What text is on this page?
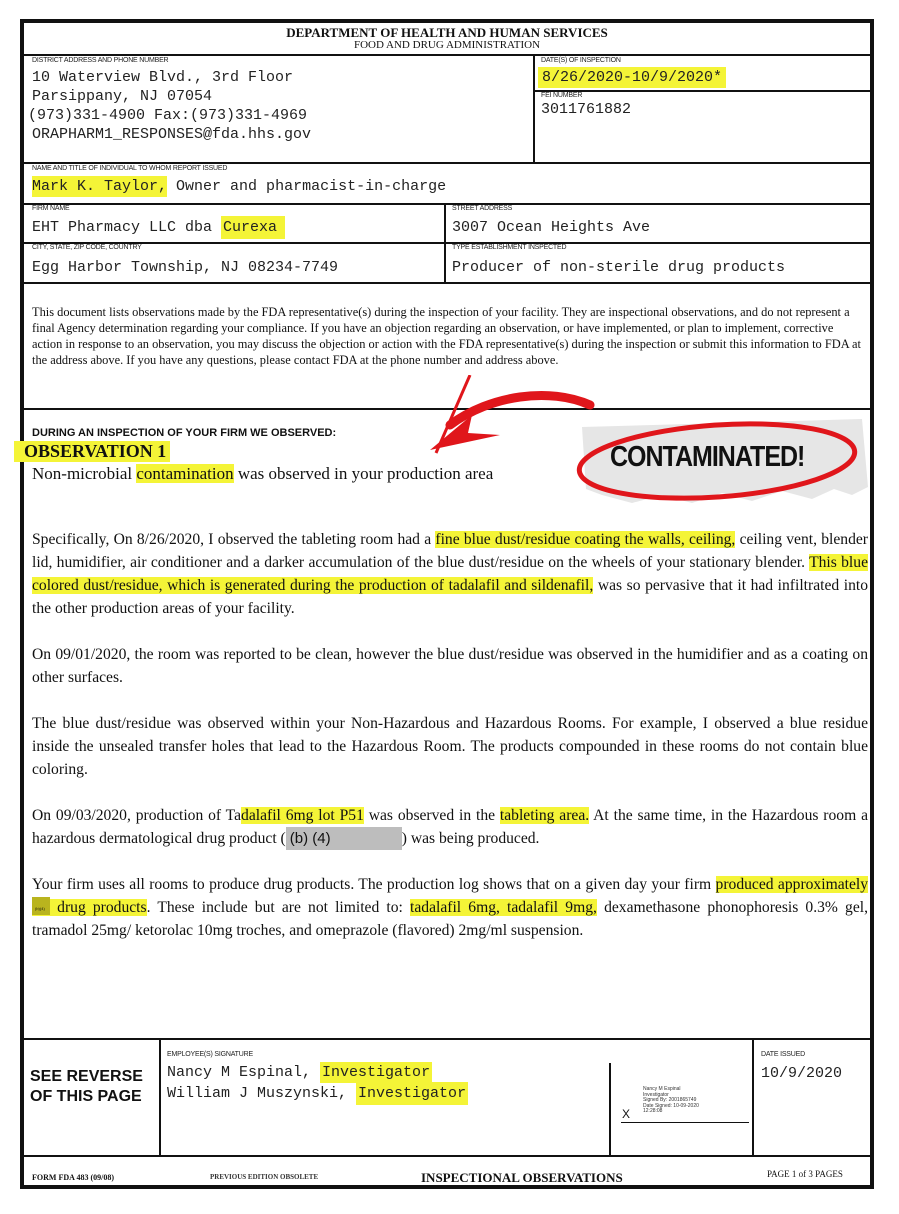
DEPARTMENT OF HEALTH AND HUMAN SERVICES
FOOD AND DRUG ADMINISTRATION
DISTRICT ADDRESS AND PHONE NUMBER
10 Waterview Blvd., 3rd Floor
Parsippany, NJ 07054
(973)331-4900 Fax:(973)331-4969
ORAPHARM1_RESPONSES@fda.hhs.gov
DATE(S) OF INSPECTION
8/26/2020-10/9/2020*
FEI NUMBER
3011761882
NAME AND TITLE OF INDIVIDUAL TO WHOM REPORT ISSUED
Mark K. Taylor, Owner and pharmacist-in-charge
FIRM NAME
EHT Pharmacy LLC dba Curexa
STREET ADDRESS
3007 Ocean Heights Ave
CITY, STATE, ZIP CODE, COUNTRY
Egg Harbor Township, NJ 08234-7749
TYPE ESTABLISHMENT INSPECTED
Producer of non-sterile drug products
This document lists observations made by the FDA representative(s) during the inspection of your facility. They are inspectional observations, and do not represent a final Agency determination regarding your compliance. If you have an objection regarding an observation, or have implemented, or plan to implement, corrective action in response to an observation, you may discuss the objection or action with the FDA representative(s) during the inspection or submit this information to FDA at the address above. If you have any questions, please contact FDA at the phone number and address above.
DURING AN INSPECTION OF YOUR FIRM WE OBSERVED:
OBSERVATION 1
Non-microbial contamination was observed in your production area
Specifically, On 8/26/2020, I observed the tableting room had a fine blue dust/residue coating the walls, ceiling, ceiling vent, blender lid, humidifier, air conditioner and a darker accumulation of the blue dust/residue on the wheels of your stationary blender. This blue colored dust/residue, which is generated during the production of tadalafil and sildenafil, was so pervasive that it had infiltrated into the other production areas of your facility.
On 09/01/2020, the room was reported to be clean, however the blue dust/residue was observed in the humidifier and as a coating on other surfaces.
The blue dust/residue was observed within your Non-Hazardous and Hazardous Rooms. For example, I observed a blue residue inside the unsealed transfer holes that lead to the Hazardous Room. The products compounded in these rooms do not contain blue coloring.
On 09/03/2020, production of Tadalafil 6mg lot P51 was observed in the tableting area. At the same time, in the Hazardous room a hazardous dermatological drug product ( (b) (4)	) was being produced.
Your firm uses all rooms to produce drug products. The production log shows that on a given day your firm produced approximately
(b)(4) drug products. These include but are not limited to: tadalafil 6mg, tadalafil 9mg, dexamethasone phonophoresis 0.3% gel, tramadol 25mg/ ketorolac 10mg troches, and omeprazole (flavored) 2mg/ml suspension.
SEE REVERSE
OF THIS PAGE
EMPLOYEE(S) SIGNATURE
Nancy M Espinal, Investigator
William J Muszynski, Investigator
X
Nancy M Espinal
Investigator
Signed By: 2001865749
Date Signed: 10-09-2020
12:28:08
DATE ISSUED
10/9/2020
FORM FDA 483 (09/08)	PREVIOUS EDITION OBSOLETE	INSPECTIONAL OBSERVATIONS	PAGE 1 of 3 PAGES
CONTAMINATED!
